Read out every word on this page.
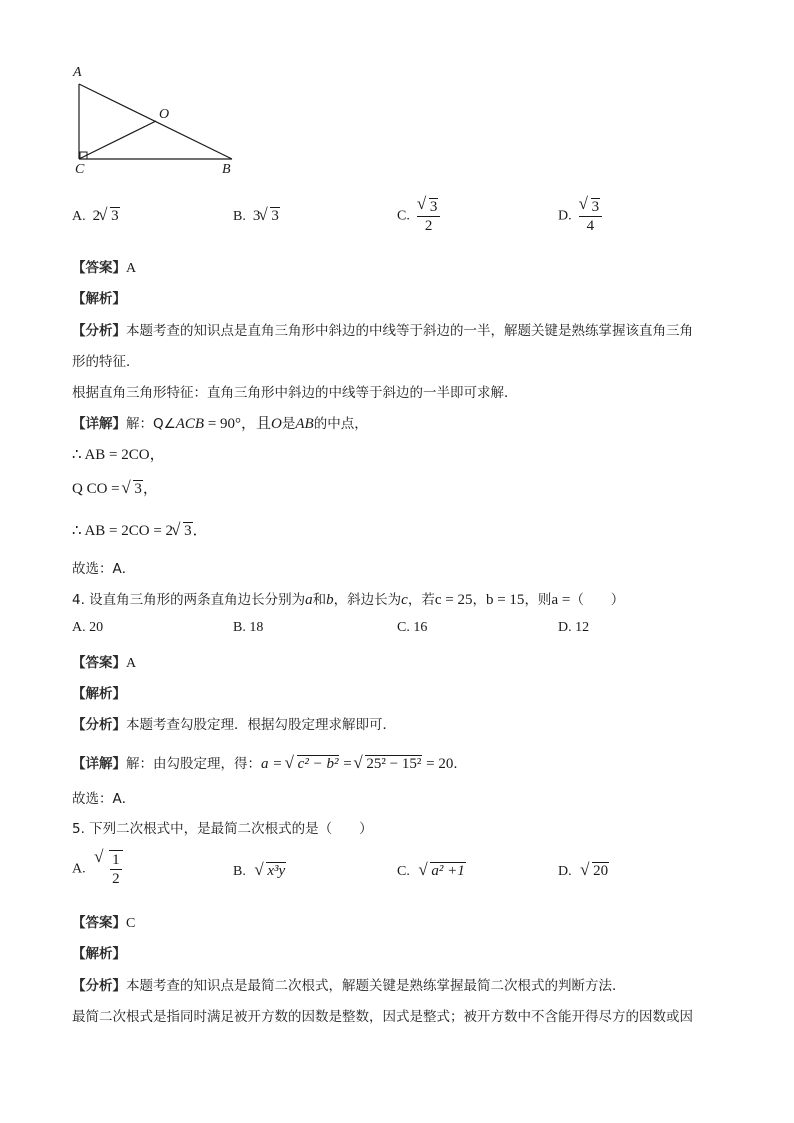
A
O
C	B
A. 2 √ 3	B. 3 √ 3	C. √ $\frac{3}{2}$	D. √ $\frac{3}{4}$
【答案】A
【解析】
【分析】本题考查的知识点是直角三角形中斜边的中线等于斜边的一半，解题关键是熟练掌握该直角三角
形的特征．
根据直角三角形特征：直角三角形中斜边的中线等于斜边的一半即可求解．
【详解】解：Q∠ACB = 90°，且O是AB的中点，
∴ AB = 2CO，
Q CO = √ 3，
∴ AB = 2CO = 2 √ 3．
故选：A．
4. 设直角三角形的两条直角边长分别为a和b，斜边长为c，若c = 25，b = 15，则a =（　　）
A. 20	B. 18	C. 16	D. 12
【答案】A
【解析】
【分析】本题考查勾股定理．根据勾股定理求解即可．
【详解】解：由勾股定理，得：a = √ c² − b² = √ 25² − 15² = 20．
故选：A．
5. 下列二次根式中，是最简二次根式的是（　　）
A. √ $\frac{1}{2}$	B. √ x³y	C. √ a² +1	D. √ 20
【答案】C
【解析】
【分析】本题考查的知识点是最简二次根式，解题关键是熟练掌握最简二次根式的判断方法．
最简二次根式是指同时满足被开方数的因数是整数，因式是整式；被开方数中不含能开得尽方的因数或因
